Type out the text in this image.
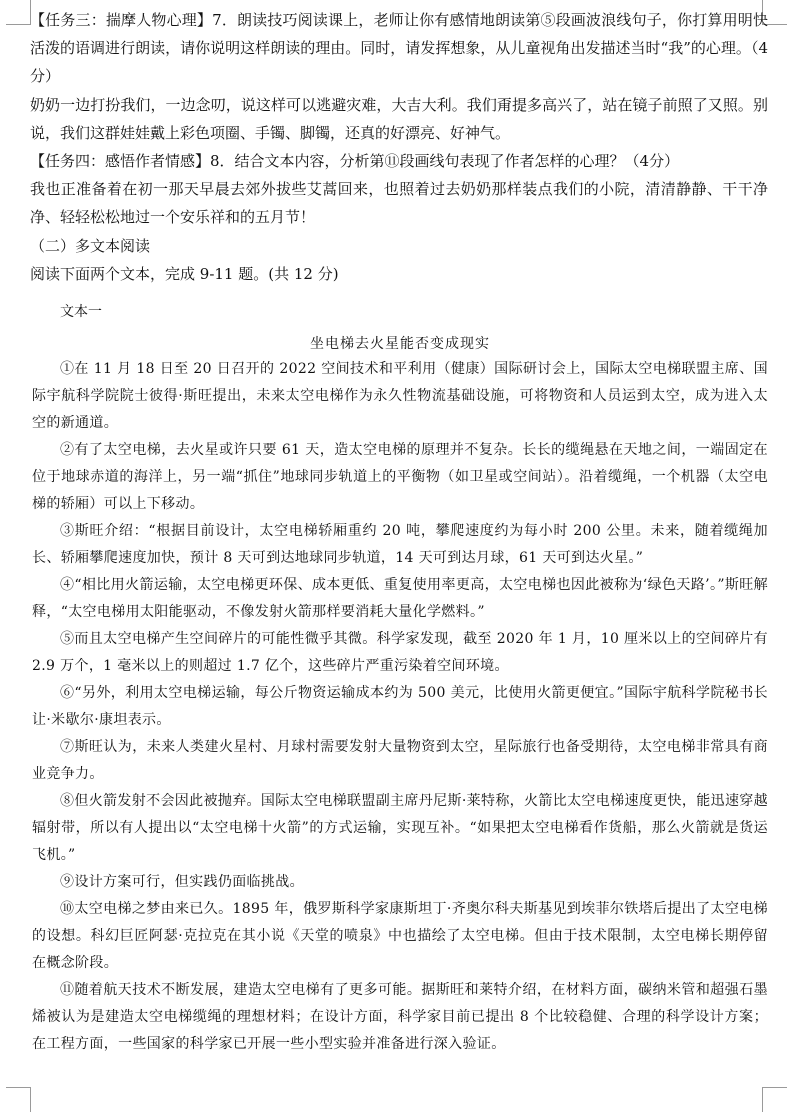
【任务三：揣摩人物心理】7．朗读技巧阅读课上，老师让你有感情地朗读第⑤段画波浪线句子，你打算用明快活泼的语调进行朗读，请你说明这样朗读的理由。同时，请发挥想象，从儿童视角出发描述当时“我”的心理。（4分）

奶奶一边打扮我们，一边念叨，说这样可以逃避灾难，大吉大利。我们甭提多高兴了，站在镜子前照了又照。别说，我们这群娃娃戴上彩色项圈、手镯、脚镯，还真的好漂亮、好神气。

【任务四：感悟作者情感】8．结合文本内容，分析第⑪段画线句表现了作者怎样的心理？（4分）

我也正准备着在初一那天早晨去郊外拔些艾蒿回来，也照着过去奶奶那样装点我们的小院，清清静静、干干净净、轻轻松松地过一个安乐祥和的五月节！

（二）多文本阅读

阅读下面两个文本，完成 9-11 题。(共 12 分)

文本一

坐电梯去火星能否变成现实

①在 11 月 18 日至 20 日召开的 2022 空间技术和平利用（健康）国际研讨会上，国际太空电梯联盟主席、国际宇航科学院院士彼得·斯旺提出，未来太空电梯作为永久性物流基础设施，可将物资和人员运到太空，成为进入太空的新通道。

②有了太空电梯，去火星或许只要 61 天，造太空电梯的原理并不复杂。长长的缆绳悬在天地之间，一端固定在位于地球赤道的海洋上，另一端“抓住”地球同步轨道上的平衡物（如卫星或空间站）。沿着缆绳，一个机器（太空电梯的轿厢）可以上下移动。

③斯旺介绍：“根据目前设计，太空电梯轿厢重约 20 吨，攀爬速度约为每小时 200 公里。未来，随着缆绳加长、轿厢攀爬速度加快，预计 8 天可到达地球同步轨道，14 天可到达月球，61 天可到达火星。”

④“相比用火箭运输，太空电梯更环保、成本更低、重复使用率更高，太空电梯也因此被称为‘绿色天路’。”斯旺解释，“太空电梯用太阳能驱动，不像发射火箭那样要消耗大量化学燃料。”

⑤而且太空电梯产生空间碎片的可能性微乎其微。科学家发现，截至 2020 年 1 月，10 厘米以上的空间碎片有 2.9 万个，1 毫米以上的则超过 1.7 亿个，这些碎片严重污染着空间环境。

⑥“另外，利用太空电梯运输，每公斤物资运输成本约为 500 美元，比使用火箭更便宜。”国际宇航科学院秘书长让·米歇尔·康坦表示。

⑦斯旺认为，未来人类建火星村、月球村需要发射大量物资到太空，星际旅行也备受期待，太空电梯非常具有商业竞争力。

⑧但火箭发射不会因此被抛弃。国际太空电梯联盟副主席丹尼斯·莱特称，火箭比太空电梯速度更快，能迅速穿越辐射带，所以有人提出以“太空电梯十火箭”的方式运输，实现互补。“如果把太空电梯看作货船，那么火箭就是货运飞机。”

⑨设计方案可行，但实践仍面临挑战。

⑩太空电梯之梦由来已久。1895 年，俄罗斯科学家康斯坦丁·齐奥尔科夫斯基见到埃菲尔铁塔后提出了太空电梯的设想。科幻巨匠阿瑟·克拉克在其小说《天堂的喷泉》中也描绘了太空电梯。但由于技术限制，太空电梯长期停留在概念阶段。

⑪随着航天技术不断发展，建造太空电梯有了更多可能。据斯旺和莱特介绍，在材料方面，碳纳米管和超强石墨烯被认为是建造太空电梯缆绳的理想材料；在设计方面，科学家目前已提出 8 个比较稳健、合理的科学设计方案；在工程方面，一些国家的科学家已开展一些小型实验并准备进行深入验证。
